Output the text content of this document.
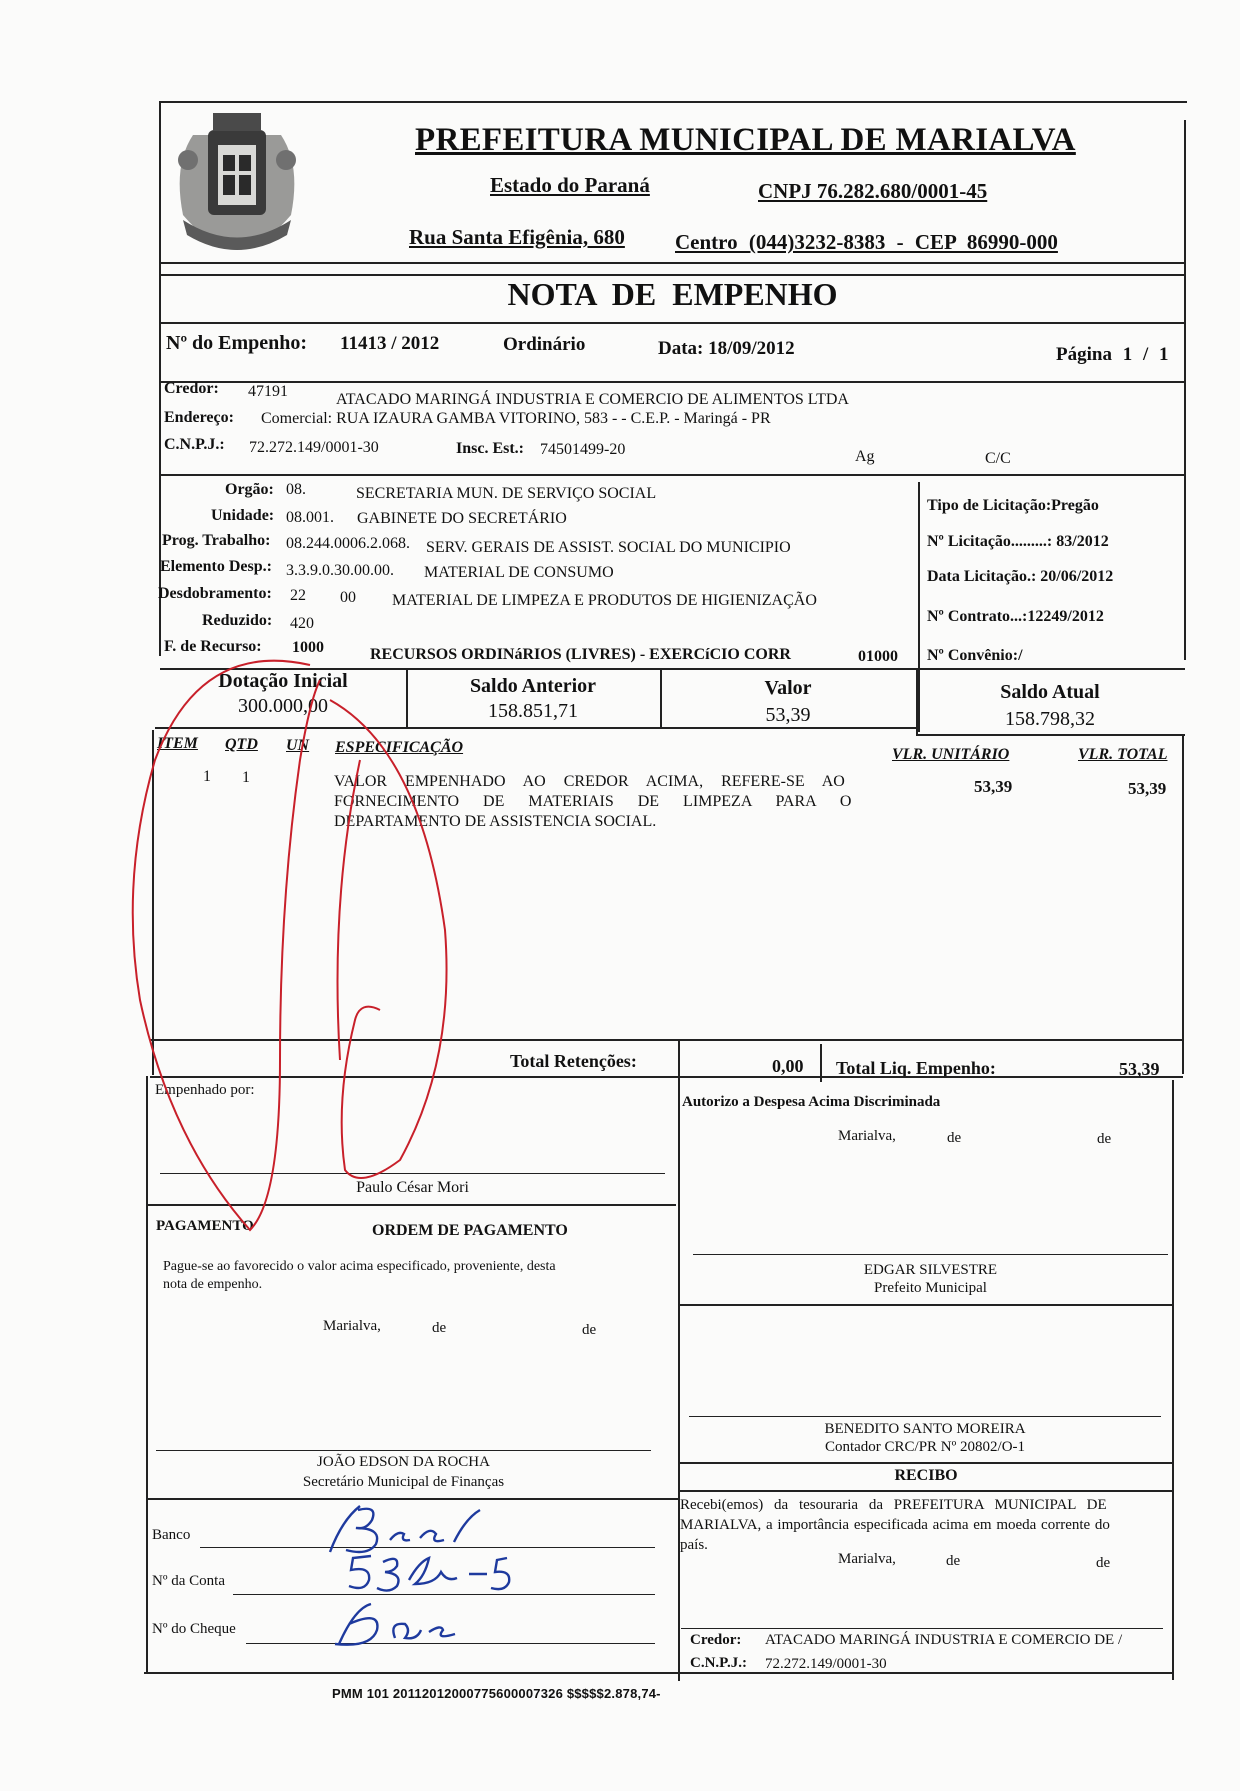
PREFEITURA MUNICIPAL DE MARIALVA
Estado do Paraná	CNPJ 76.282.680/0001-45
Rua Santa Efigênia, 680 Centro (044)3232-8383 - CEP 86990-000
NOTA DE EMPENHO
Nº do Empenho: 11413 / 2012	Ordinário	Data: 18/09/2012	Página 1 / 1
Credor: 47191	ATACADO MARINGÁ INDUSTRIA E COMERCIO DE ALIMENTOS LTDA
Endereço: Comercial: RUA IZAURA GAMBA VITORINO, 583 - - C.E.P. - Maringá - PR
C.N.P.J.: 72.272.149/0001-30	Insc. Est.: 74501499-20	Ag	C/C
Orgão: 08.	SECRETARIA MUN. DE SERVIÇO SOCIAL
Unidade: 08.001. GABINETE DO SECRETÁRIO
Prog. Trabalho: 08.244.0006.2.068. SERV. GERAIS DE ASSIST. SOCIAL DO MUNICIPIO
Elemento Desp.: 3.3.9.0.30.00.00. MATERIAL DE CONSUMO
Desdobramento: 22 00 MATERIAL DE LIMPEZA E PRODUTOS DE HIGIENIZAÇÃO
Reduzido: 420
F. de Recurso: 1000	RECURSOS ORDINáRIOS (LIVRES) - EXERCíCIO CORR	01000
Tipo de Licitação:Pregão
Nº Licitação.........: 83/2012
Data Licitação.: 20/06/2012
Nº Contrato...:12249/2012
Nº Convênio:/
Dotação Inicial
300.000,00
Saldo Anterior
158.851,71
Valor
53,39
Saldo Atual
158.798,32
ITEM QTD UN ESPECIFICAÇÃO	VLR. UNITÁRIO	VLR. TOTAL
1 1	VALOR EMPENHADO AO CREDOR ACIMA, REFERE-SE AO
FORNECIMENTO DE MATERIAIS DE LIMPEZA PARA O
DEPARTAMENTO DE ASSISTENCIA SOCIAL.
53,39	53,39
Total Retenções:	0,00 Total Liq. Empenho:	53,39
Empenhado por:
Paulo César Mori
PAGAMENTO	ORDEM DE PAGAMENTO
Pague-se ao favorecido o valor acima especificado, proveniente, desta
nota de empenho.
Marialva,	de	de
JOÃO EDSON DA ROCHA
Secretário Municipal de Finanças
Banco
Nº da Conta
Nº do Cheque
Autorizo a Despesa Acima Discriminada
Marialva,	de	de
EDGAR SILVESTRE
Prefeito Municipal
BENEDITO SANTO MOREIRA
Contador CRC/PR Nº 20802/O-1
RECIBO
Recebi(emos) da tesouraria da PREFEITURA MUNICIPAL DE
MARIALVA, a importância especificada acima em moeda corrente do
país.
Marialva,	de	de
Credor: ATACADO MARINGÁ INDUSTRIA E COMERCIO DE /
C.N.P.J.: 72.272.149/0001-30
PMM 101 20112012000775600007326 $$$$$2.878,74-
